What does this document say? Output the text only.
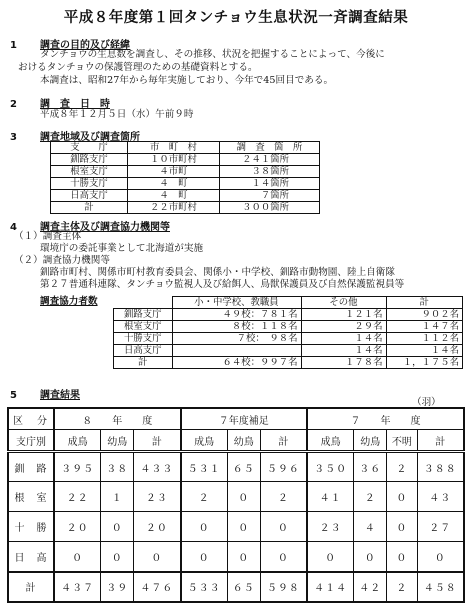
平成８年度第１回タンチョウ生息状況一斉調査結果
1 調査の目的及び経緯
タンチョウの生息数を調査し、その推移、状況を把握することによって、今後に
おけるタンチョウの保護管理のための基礎資料とする。
本調査は、昭和27年から毎年実施しており、今年で45回目である。
2 調　査　日　時
平成８年１２月５日（水）午前９時
3 調査地域及び調査箇所
支　　庁	市　町　村	調　査　箇　所
釧路支庁	１０市町村	２４１箇所
根室支庁	４市町	３８箇所
十勝支庁	４　町	１４箇所
日高支庁	４　町	７箇所
計	２２市町村	３００箇所
4 調査主体及び調査協力機関等
（１）調査主体
環境庁の委託事業として北海道が実施
（２）調査協力機関等
釧路市町村、関係市町村教育委員会、関係小・中学校、釧路市動物園、陸上自衛隊
第２７普通科連隊、タンチョウ監視人及び給餌人、鳥獣保護員及び自然保護監視員等
調査協力者数
		小・中学校、教職員	その他	計
釧路支庁	４９校：７８１名	１２１名	９０２名
根室支庁	８校：１１８名	２９名	１４７名
十勝支庁	７校：　９８名	１４名	１１２名
日高支庁		１４名	１４名
計	６４校：９９７名	１７８名	１，１７５名
5 調査結果
（羽）
区　分	８　　年　　度			７年度補足			７　　年　　度			
支庁別	成鳥	幼鳥	計	成鳥	幼鳥	計	成鳥	幼鳥	不明	計
釧　路	３９５	３８	４３３	５３１	６５	５９６	３５０	３６	２	３８８
根　室	２２	１	２３	２	０	２	４１	２	０	４３
十　勝	２０	０	２０	０	０	０	２３	４	０	２７
日　高	０	０	０	０	０	０	０	０	０	０
計	４３７	３９	４７６	５３３	６５	５９８	４１４	４２	２	４５８
